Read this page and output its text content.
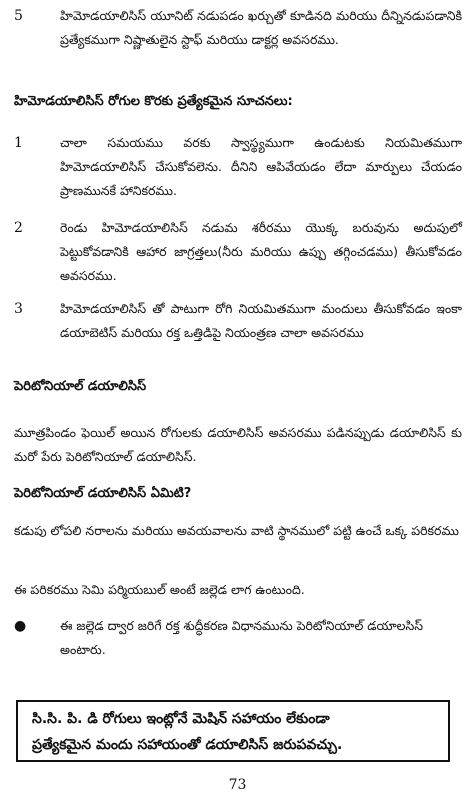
5	హిమోడయాలిసిస్ యూనిట్ నడుపడం ఖర్చుతో కూడినది మరియు దీన్నినడుపడానికి ప్రత్యేకముగా నిష్ణాతులైన స్టాఫ్ మరియు డాక్టర్ల అవసరము.
హిమోడయాలిసిస్ రోగుల కొరకు ప్రత్యేకమైన సూచనలు:
1	చాలా సమయము వరకు స్వాస్థ్యముగా ఉండుటకు నియమితముగా హిమోడయాలిసిస్ చేసుకోవలెను. దీనిని ఆపివేయడం లేదా మార్పులు చేయడం ప్రాణమునకే హానికరము.
2	రెండు హిమోడయాలిసిస్ నడుమ శరీరము యొక్క బరువును అదుపులో పెట్టుకోవడానికి ఆహార జాగ్రత్తలు(నీరు మరియు ఉప్పు తగ్గించడము) తీసుకోవడం అవసరము.
3	హిమోడయాలిసిస్ తో పాటుగా రోగి నియమితముగా మందులు తీసుకోవడం ఇంకా డయాబెటిస్ మరియు రక్త ఒత్తిడిపై నియంత్రణ చాలా అవసరము
పెరిటోనియాల్ డయాలిసిస్
మూత్రపిండం ఫెయిల్ అయిన రోగులకు డయాలిసిస్ అవసరము పడినప్పుడు డయాలిసిస్ కు మరో పేరు పెరిటోనియాల్ డయాలిసిస్.
పెరిటోనియాల్ డయాలిసిస్ ఏమిటి?
కడుపు లోపలి నరాలను మరియు అవయవాలను వాటి స్థానములో పట్టి ఉంచే ఒక్క పరికరము
ఈ పరికరము సెమి పర్మియబుల్ అంటే జల్లెడ లాగ ఉంటుంది.
●	ఈ జల్లెడ ద్వార జరిగే రక్త శుద్ధీకరణ విధానమును పెరిటోనియాల్ డయాలసిస్ అంటారు.
సి.సి. పి. డి రోగులు ఇంట్లోనే మెషిన్ సహాయం లేకుండా
ప్రత్యేకమైన మందు సహాయంతో డయాలిసిస్ జరుపవచ్చు.
73
